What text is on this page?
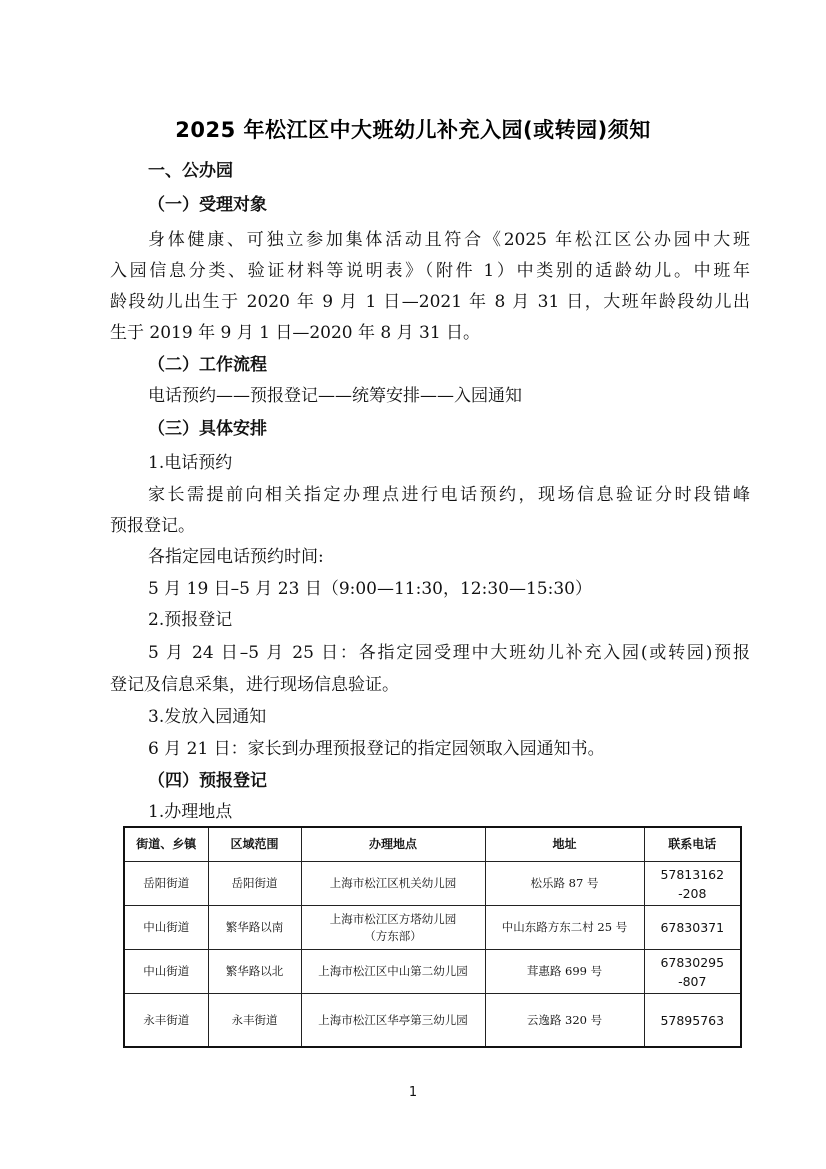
2025 年松江区中大班幼儿补充入园(或转园)须知
一、公办园
（一）受理对象
身体健康、可独立参加集体活动且符合《2025 年松江区公办园中大班
入园信息分类、验证材料等说明表》（附件 1）中类别的适龄幼儿。中班年
龄段幼儿出生于 2020 年 9 月 1 日—2021 年 8 月 31 日，大班年龄段幼儿出
生于 2019 年 9 月 1 日—2020 年 8 月 31 日。
（二）工作流程
电话预约——预报登记——统筹安排——入园通知
（三）具体安排
1.电话预约
家长需提前向相关指定办理点进行电话预约，现场信息验证分时段错峰
预报登记。
各指定园电话预约时间:
5 月 19 日–5 月 23 日（9:00—11:30，12:30—15:30）
2.预报登记
5 月 24 日–5 月 25 日：各指定园受理中大班幼儿补充入园(或转园)预报
登记及信息采集，进行现场信息验证。
3.发放入园通知
6 月 21 日：家长到办理预报登记的指定园领取入园通知书。
（四）预报登记
1.办理地点
街道、乡镇	区域范围	办理地点	地址	联系电话
岳阳街道	岳阳街道	上海市松江区机关幼儿园	松乐路 87 号	57813162
-208

中山街道	繁华路以南	上海市松江区方塔幼儿园
（方东部）	中山东路方东二村 25 号	67830371
中山街道	繁华路以北	上海市松江区中山第二幼儿园	茸惠路 699 号	67830295
-807

永丰街道	永丰街道	上海市松江区华亭第三幼儿园	云逸路 320 号	57895763
1
